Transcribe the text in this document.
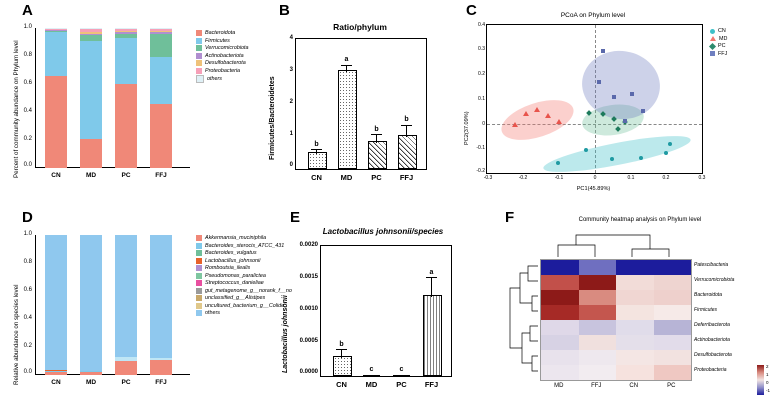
A
Percent of community abundance on Phylum level
1.0
0.8
0.6
0.4
0.2
0.0
CN	MD	PC	FFJ
Bacteroidota
Firmicutes
Verrucomicrobiota
Actinobacteriota
Desulfobacterota
Proteobacteria
others
B
Firmicutes/Bacteroidetes
Ratio/phylum
4
3
2
1
0
b
a
b
b
CN	MD	PC	FFJ
C	PCoA on Phylum level
PC2(37.09%)
0.4
0.3
0.2
0.1
0
-0.1
-0.2
-0.3	-0.2	-0.1	0	0.1	0.2	0.3
PC1(45.89%)
CN
MD
PC
FFJ
D
Relative abundance on species level
1.0
0.8
0.6
0.4
0.2
0.0
CN	MD	PC	FFJ
Akkermansia_muciniphila
Bacteroides_sterocis_ATCC_431
Bacteroides_vulgatus
Lactobacillus_johnsonii
Romboutsia_ilealis
Pseudomonas_paralictea
Streptococcus_danieliae
gut_metagenome_g__norank_f__no
unclassified_g__Alistipes
uncultured_bacterium_g__Colide
others
E
Lactobacillus johnsonii
Lactobacillus johnsonii/species
0.0020
0.0015
0.0010
0.0005
0.0000
b
c	c
a
CN	MD	PC	FFJ
F	Community heatmap analysis on Phylum level
Patescibacteria
Verrucomicrobiota
Bacteroidota
Firmicutes
Deferribacterota
Actinobacteriota
Desulfobacterota
Proteobacteria
MD	FFJ	CN	PC
2
1
0
-1
